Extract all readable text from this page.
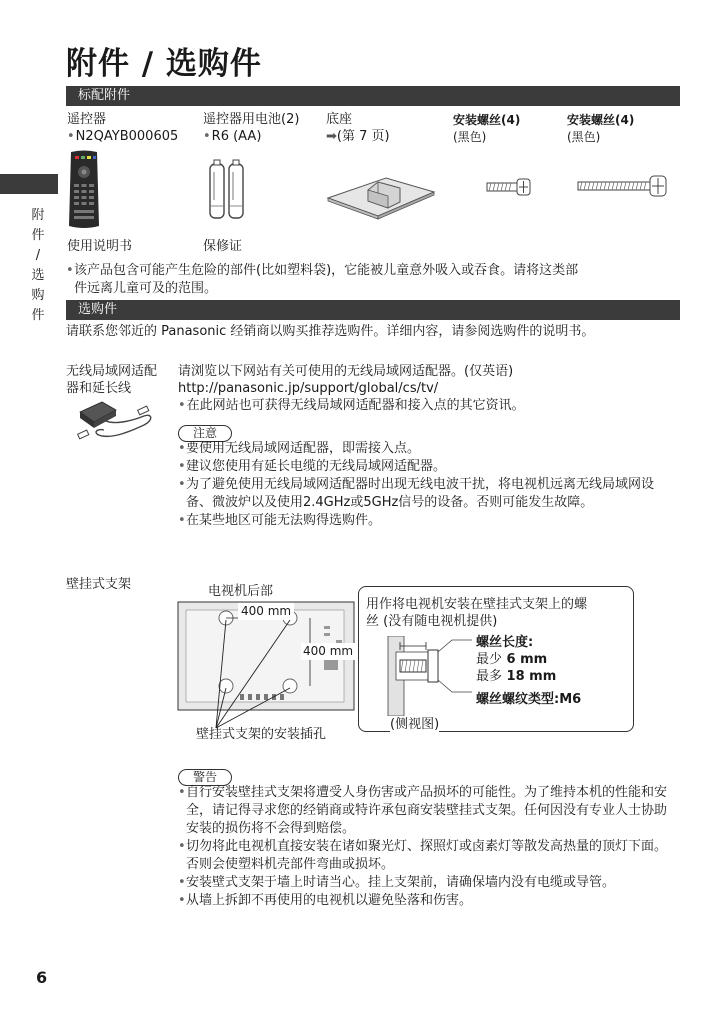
附件 / 选购件
附
件
/
选
购
件
标配附件
遥控器
• N2QAYB000605
遥控器用电池(2)
• R6 (AA)
底座
➡(第 7 页)
安装螺丝(4)
(黑色)
安装螺丝(4)
(黑色)
使用说明书	保修证
• 该产品包含可能产生危险的部件(比如塑料袋)，它能被儿童意外吸入或吞食。请将这类部
件远离儿童可及的范围。
选购件
请联系您邻近的 Panasonic 经销商以购买推荐选购件。详细内容，请参阅选购件的说明书。
无线局域网适配
器和延长线
请浏览以下网站有关可使用的无线局域网适配器。(仅英语)
http://panasonic.jp/support/global/cs/tv/
• 在此网站也可获得无线局域网适配器和接入点的其它资讯。
注意
• 要使用无线局域网适配器，即需接入点。
• 建议您使用有延长电缆的无线局域网适配器。
• 为了避免使用无线局域网适配器时出现无线电波干扰，将电视机远离无线局域网设备、微波炉以及使用2.4GHz或5GHz信号的设备。否则可能发生故障。
• 在某些地区可能无法购得选购件。
壁挂式支架	电视机后部
400 mm
400 mm
壁挂式支架的安装插孔
用作将电视机安装在壁挂式支架上的螺
丝 (没有随电视机提供)
螺丝长度:
最少 6 mm
最多 18 mm
螺丝螺纹类型:M6
(侧视图)
警告
• 自行安装壁挂式支架将遭受人身伤害或产品损坏的可能性。为了维持本机的性能和安全，请记得寻求您的经销商或特许承包商安装壁挂式支架。任何因没有专业人士协助安装的损伤将不会得到赔偿。
• 切勿将此电视机直接安装在诸如聚光灯、探照灯或卤素灯等散发高热量的顶灯下面。否则会使塑料机壳部件弯曲或损坏。
• 安装壁式支架于墙上时请当心。挂上支架前，请确保墙内没有电缆或导管。
• 从墙上拆卸不再使用的电视机以避免坠落和伤害。
6
